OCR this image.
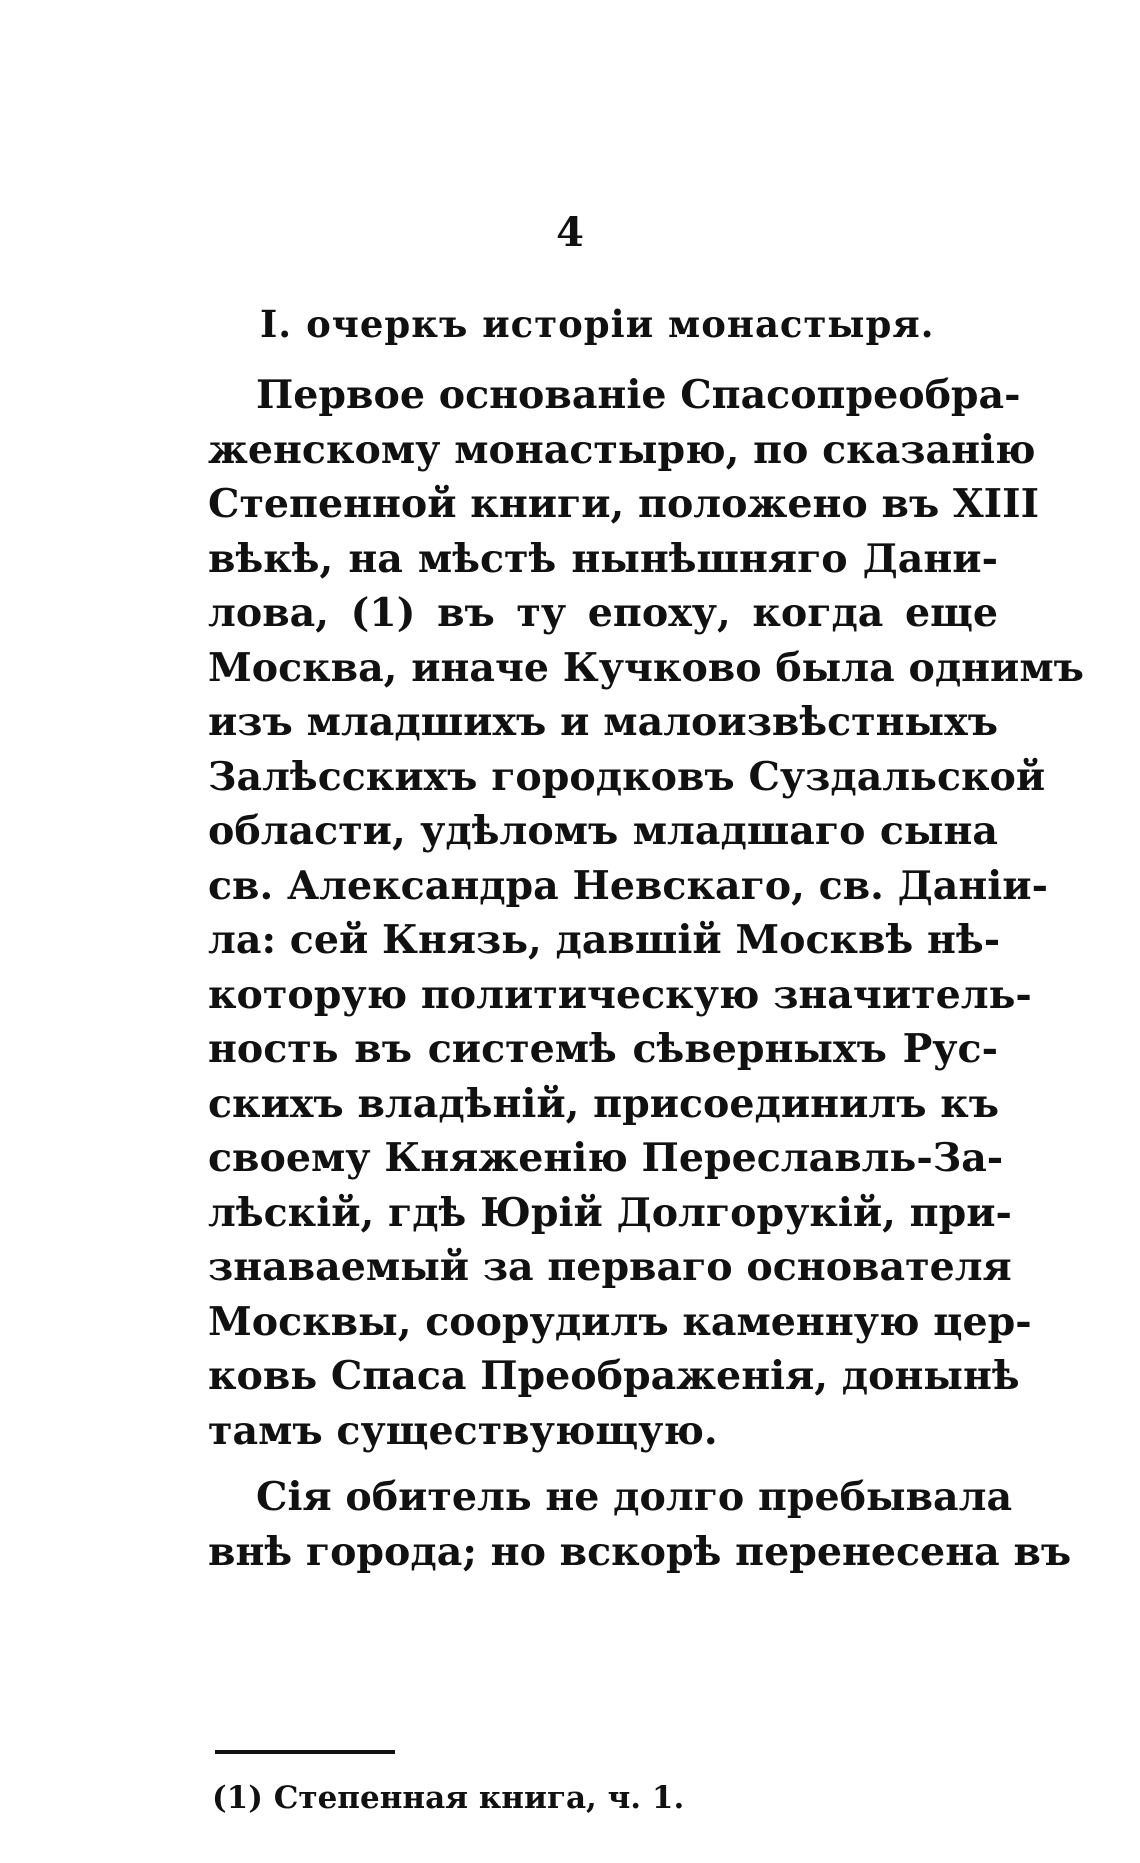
4
I. очеркъ исторіи монастыря.
Первое основаніе Спасопреобра-
женскому монастырю, по сказанію
Степенной книги, положено въ XIII
вѣкѣ, на мѣстѣ нынѣшняго Дани-
лова, (1) въ ту епоху, когда еще
Москва, иначе Кучково была однимъ
изъ младшихъ и малоизвѣстныхъ
Залѣсскихъ городковъ Суздальской
области, удѣломъ младшаго сына
св. Александра Невскаго, св. Данiи-
ла: сей Князь, давшій Москвѣ нѣ-
которую политическую значитель-
ность въ системѣ сѣверныхъ Рус-
скихъ владѣній, присоединилъ къ
своему Княженію Переславль-За-
лѣскій, гдѣ Юрій Долгорукій, при-
знаваемый за перваго основателя
Москвы, соорудилъ каменную цер-
ковь Спаса Преображенія, донынѣ
тамъ существующую.
Сія обитель не долго пребывала
внѣ города; но вскорѣ перенесена въ
(1) Степенная книга, ч. 1.
